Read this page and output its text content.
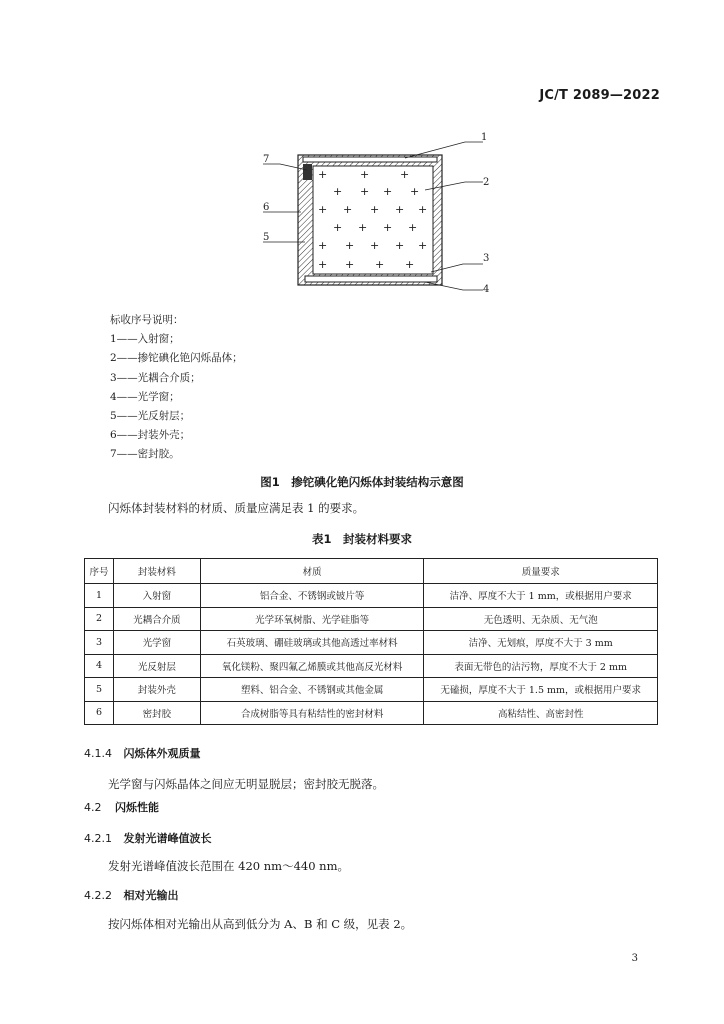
JC/T 2089—2022
+	+	+
+ + + +
+ + + + +
+ + + +
+ + + + +
+ + + +
1
2
3
4
5
6
7
标收序号说明：
1——入射窗；
2——掺铊碘化铯闪烁晶体；
3——光耦合介质；
4——光学窗；
5——光反射层；
6——封装外壳；
7——密封胶。
图1　掺铊碘化铯闪烁体封装结构示意图
闪烁体封装材料的材质、质量应满足表 1 的要求。
表1　封装材料要求
序号	封装材料	材质	质量要求
1	入射窗	铝合金、不锈钢或铍片等	洁净、厚度不大于 1 mm，或根据用户要求
2	光耦合介质	光学环氧树脂、光学硅脂等	无色透明、无杂质、无气泡
3	光学窗	石英玻璃、硼硅玻璃或其他高透过率材料	洁净、无划痕，厚度不大于 3 mm
4	光反射层	氧化镁粉、聚四氟乙烯膜或其他高反光材料	表面无带色的沾污物，厚度不大于 2 mm
5	封装外壳	塑料、铝合金、不锈钢或其他金属	无磕损，厚度不大于 1.5 mm，或根据用户要求
6	密封胶	合成树脂等具有粘结性的密封材料	高粘结性、高密封性
4.1.4 闪烁体外观质量
光学窗与闪烁晶体之间应无明显脱层；密封胶无脱落。
4.2 闪烁性能
4.2.1 发射光谱峰值波长
发射光谱峰值波长范围在 420 nm～440 nm。
4.2.2 相对光输出
按闪烁体相对光输出从高到低分为 A、B 和 C 级，见表 2。
3
